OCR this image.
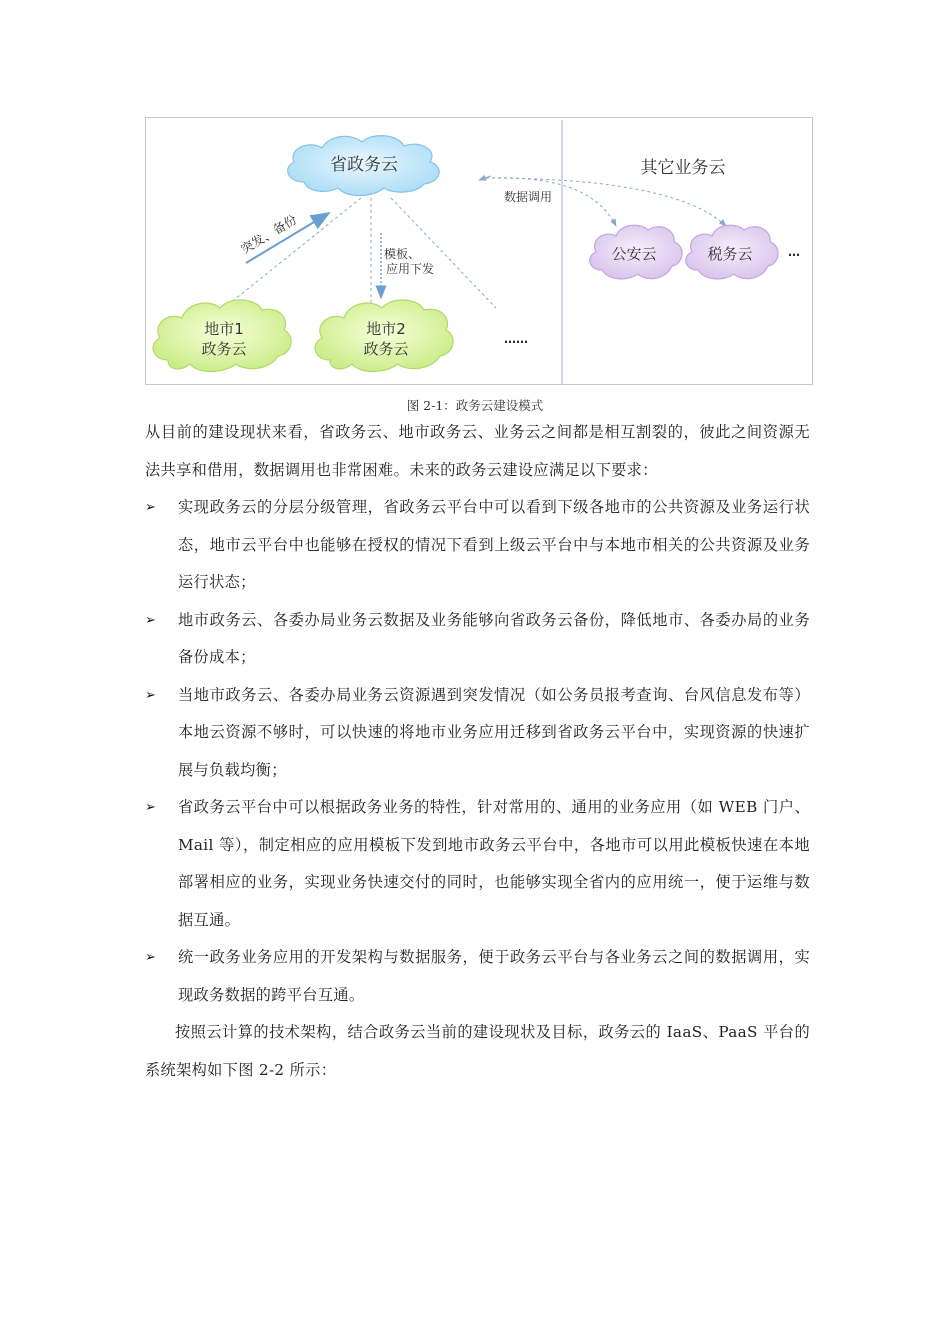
省政务云	其它业务云
数据调用
突发、备份	模板、
应用下发
地市1
政务云
地市2
政务云
……
公安云	税务云	…
图 2-1：政务云建设模式

从目前的建设现状来看，省政务云、地市政务云、业务云之间都是相互割裂的，彼此之间资源无法共享和借用，数据调用也非常困难。未来的政务云建设应满足以下要求：

➢ 实现政务云的分层分级管理，省政务云平台中可以看到下级各地市的公共资源及业务运行状态，地市云平台中也能够在授权的情况下看到上级云平台中与本地市相关的公共资源及业务运行状态；
➢ 地市政务云、各委办局业务云数据及业务能够向省政务云备份，降低地市、各委办局的业务备份成本；
➢ 当地市政务云、各委办局业务云资源遇到突发情况（如公务员报考查询、台风信息发布等）本地云资源不够时，可以快速的将地市业务应用迁移到省政务云平台中，实现资源的快速扩展与负载均衡；
➢ 省政务云平台中可以根据政务业务的特性，针对常用的、通用的业务应用（如 WEB 门户、Mail 等），制定相应的应用模板下发到地市政务云平台中，各地市可以用此模板快速在本地部署相应的业务，实现业务快速交付的同时，也能够实现全省内的应用统一，便于运维与数据互通。
➢ 统一政务业务应用的开发架构与数据服务，便于政务云平台与各业务云之间的数据调用，实现政务数据的跨平台互通。

按照云计算的技术架构，结合政务云当前的建设现状及目标，政务云的 IaaS、PaaS 平台的系统架构如下图 2-2 所示：
